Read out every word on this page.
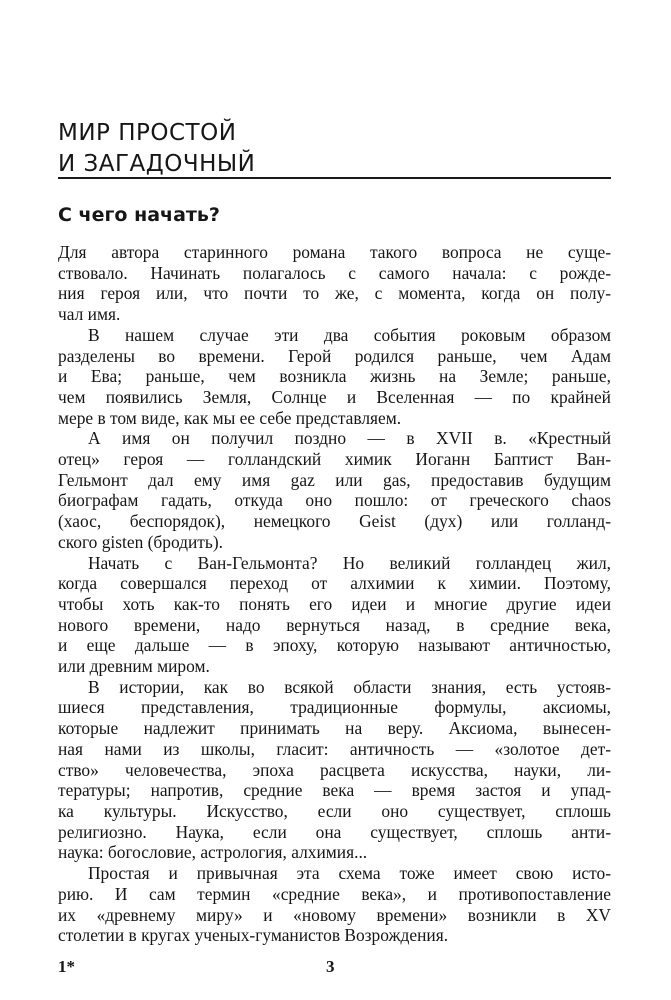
МИР ПРОСТОЙ
И ЗАГАДОЧНЫЙ
С чего начать?

Для автора старинного романа такого вопроса не суще-
ствовало. Начинать полагалось с самого начала: с рожде-
ния героя или, что почти то же, с момента, когда он полу-
чал имя.

В нашем случае эти два события роковым образом
разделены во времени. Герой родился раньше, чем Адам
и Ева; раньше, чем возникла жизнь на Земле; раньше,
чем появились Земля, Солнце и Вселенная — по крайней
мере в том виде, как мы ее себе представляем.

А имя он получил поздно — в XVII в. «Крестный
отец» героя — голландский химик Иоганн Баптист Ван-
Гельмонт дал ему имя gaz или gas, предоставив будущим
биографам гадать, откуда оно пошло: от греческого chaos
(хаос, беспорядок), немецкого Geist (дух) или голланд-
ского gisten (бродить).

Начать с Ван-Гельмонта? Но великий голландец жил,
когда совершался переход от алхимии к химии. Поэтому,
чтобы хоть как-то понять его идеи и многие другие идеи
нового времени, надо вернуться назад, в средние века,
и еще дальше — в эпоху, которую называют античностью,
или древним миром.

В истории, как во всякой области знания, есть устояв-
шиеся представления, традиционные формулы, аксиомы,
которые надлежит принимать на веру. Аксиома, вынесен-
ная нами из школы, гласит: античность — «золотое дет-
ство» человечества, эпоха расцвета искусства, науки, ли-
тературы; напротив, средние века — время застоя и упад-
ка культуры. Искусство, если оно существует, сплошь
религиозно. Наука, если она существует, сплошь анти-
наука: богословие, астрология, алхимия...

Простая и привычная эта схема тоже имеет свою исто-
рию. И сам термин «средние века», и противопоставление
их «древнему миру» и «новому времени» возникли в XV
столетии в кругах ученых-гуманистов Возрождения.

1*	3
